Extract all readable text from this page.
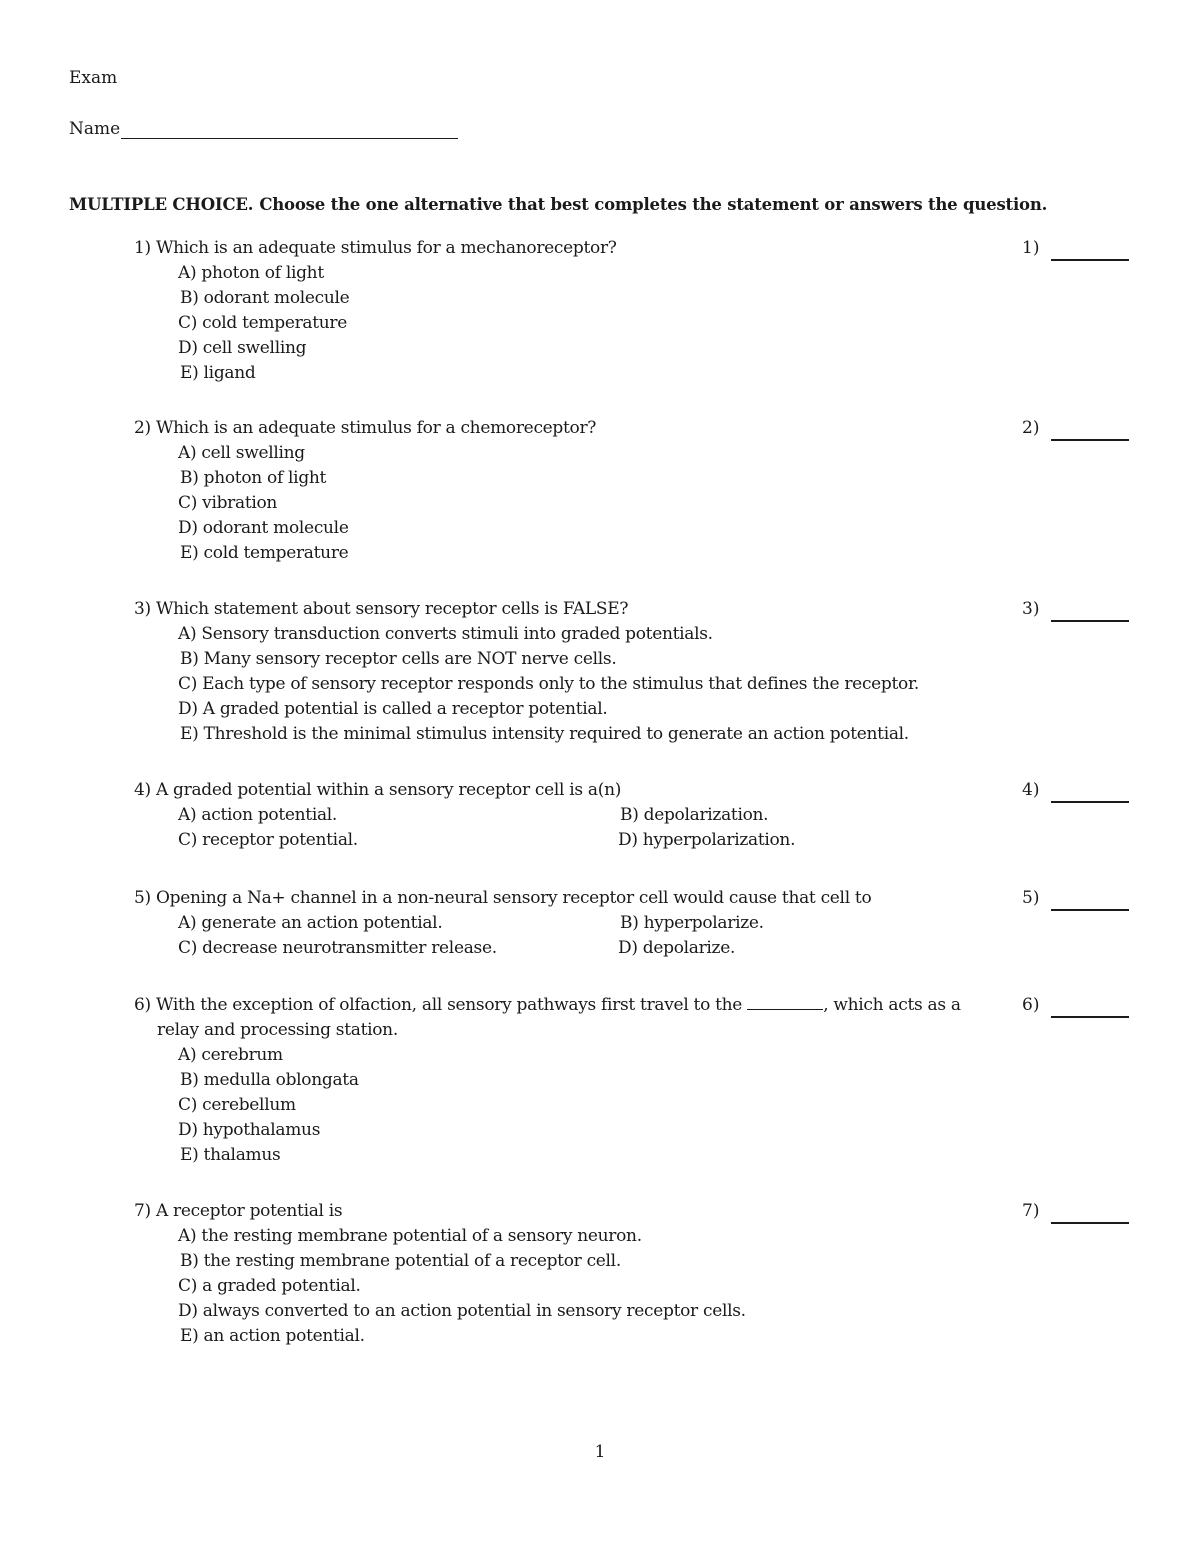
Exam
Name
MULTIPLE CHOICE. Choose the one alternative that best completes the statement or answers the question.
1) Which is an adequate stimulus for a mechanoreceptor?
A) photon of light
B) odorant molecule
C) cold temperature
D) cell swelling
E) ligand
1)
2) Which is an adequate stimulus for a chemoreceptor?
A) cell swelling
B) photon of light
C) vibration
D) odorant molecule
E) cold temperature
2)
3) Which statement about sensory receptor cells is FALSE?
A) Sensory transduction converts stimuli into graded potentials.
B) Many sensory receptor cells are NOT nerve cells.
C) Each type of sensory receptor responds only to the stimulus that defines the receptor.
D) A graded potential is called a receptor potential.
E) Threshold is the minimal stimulus intensity required to generate an action potential.
3)
4) A graded potential within a sensory receptor cell is a(n)
A) action potential.	B) depolarization.
C) receptor potential.	D) hyperpolarization.
4)
5) Opening a Na+ channel in a non-neural sensory receptor cell would cause that cell to
A) generate an action potential.	B) hyperpolarize.
C) decrease neurotransmitter release.	D) depolarize.
5)
6) With the exception of olfaction, all sensory pathways first travel to the	, which acts as a relay and processing station.
A) cerebrum
B) medulla oblongata
C) cerebellum
D) hypothalamus
E) thalamus
6)
7) A receptor potential is
A) the resting membrane potential of a sensory neuron.
B) the resting membrane potential of a receptor cell.
C) a graded potential.
D) always converted to an action potential in sensory receptor cells.
E) an action potential.
7)
1
